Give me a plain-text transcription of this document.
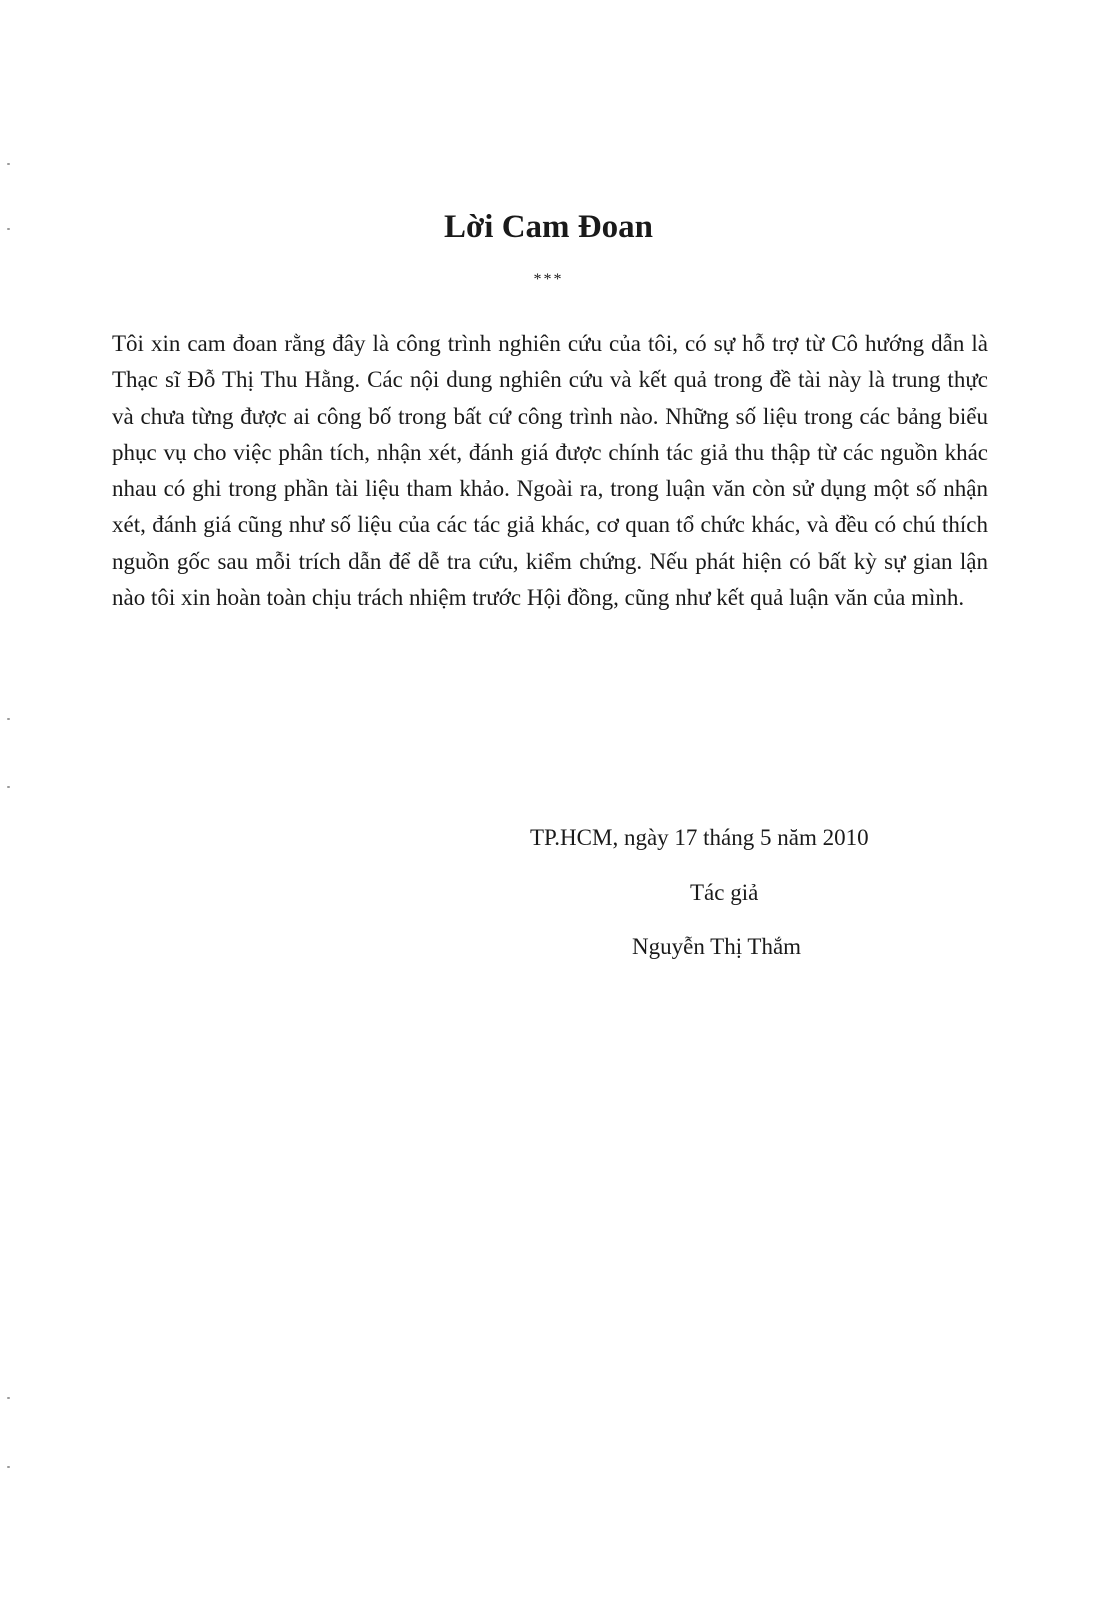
Lời Cam Đoan
***

Tôi xin cam đoan rằng đây là công trình nghiên cứu của tôi, có sự hỗ trợ từ Cô hướng dẫn là Thạc sĩ Đỗ Thị Thu Hằng. Các nội dung nghiên cứu và kết quả trong đề tài này là trung thực và chưa từng được ai công bố trong bất cứ công trình nào. Những số liệu trong các bảng biểu phục vụ cho việc phân tích, nhận xét, đánh giá được chính tác giả thu thập từ các nguồn khác nhau có ghi trong phần tài liệu tham khảo. Ngoài ra, trong luận văn còn sử dụng một số nhận xét, đánh giá cũng như số liệu của các tác giả khác, cơ quan tổ chức khác, và đều có chú thích nguồn gốc sau mỗi trích dẫn để dễ tra cứu, kiểm chứng. Nếu phát hiện có bất kỳ sự gian lận nào tôi xin hoàn toàn chịu trách nhiệm trước Hội đồng, cũng như kết quả luận văn của mình.

TP.HCM, ngày 17 tháng 5 năm 2010
Tác giả
Nguyễn Thị Thắm
